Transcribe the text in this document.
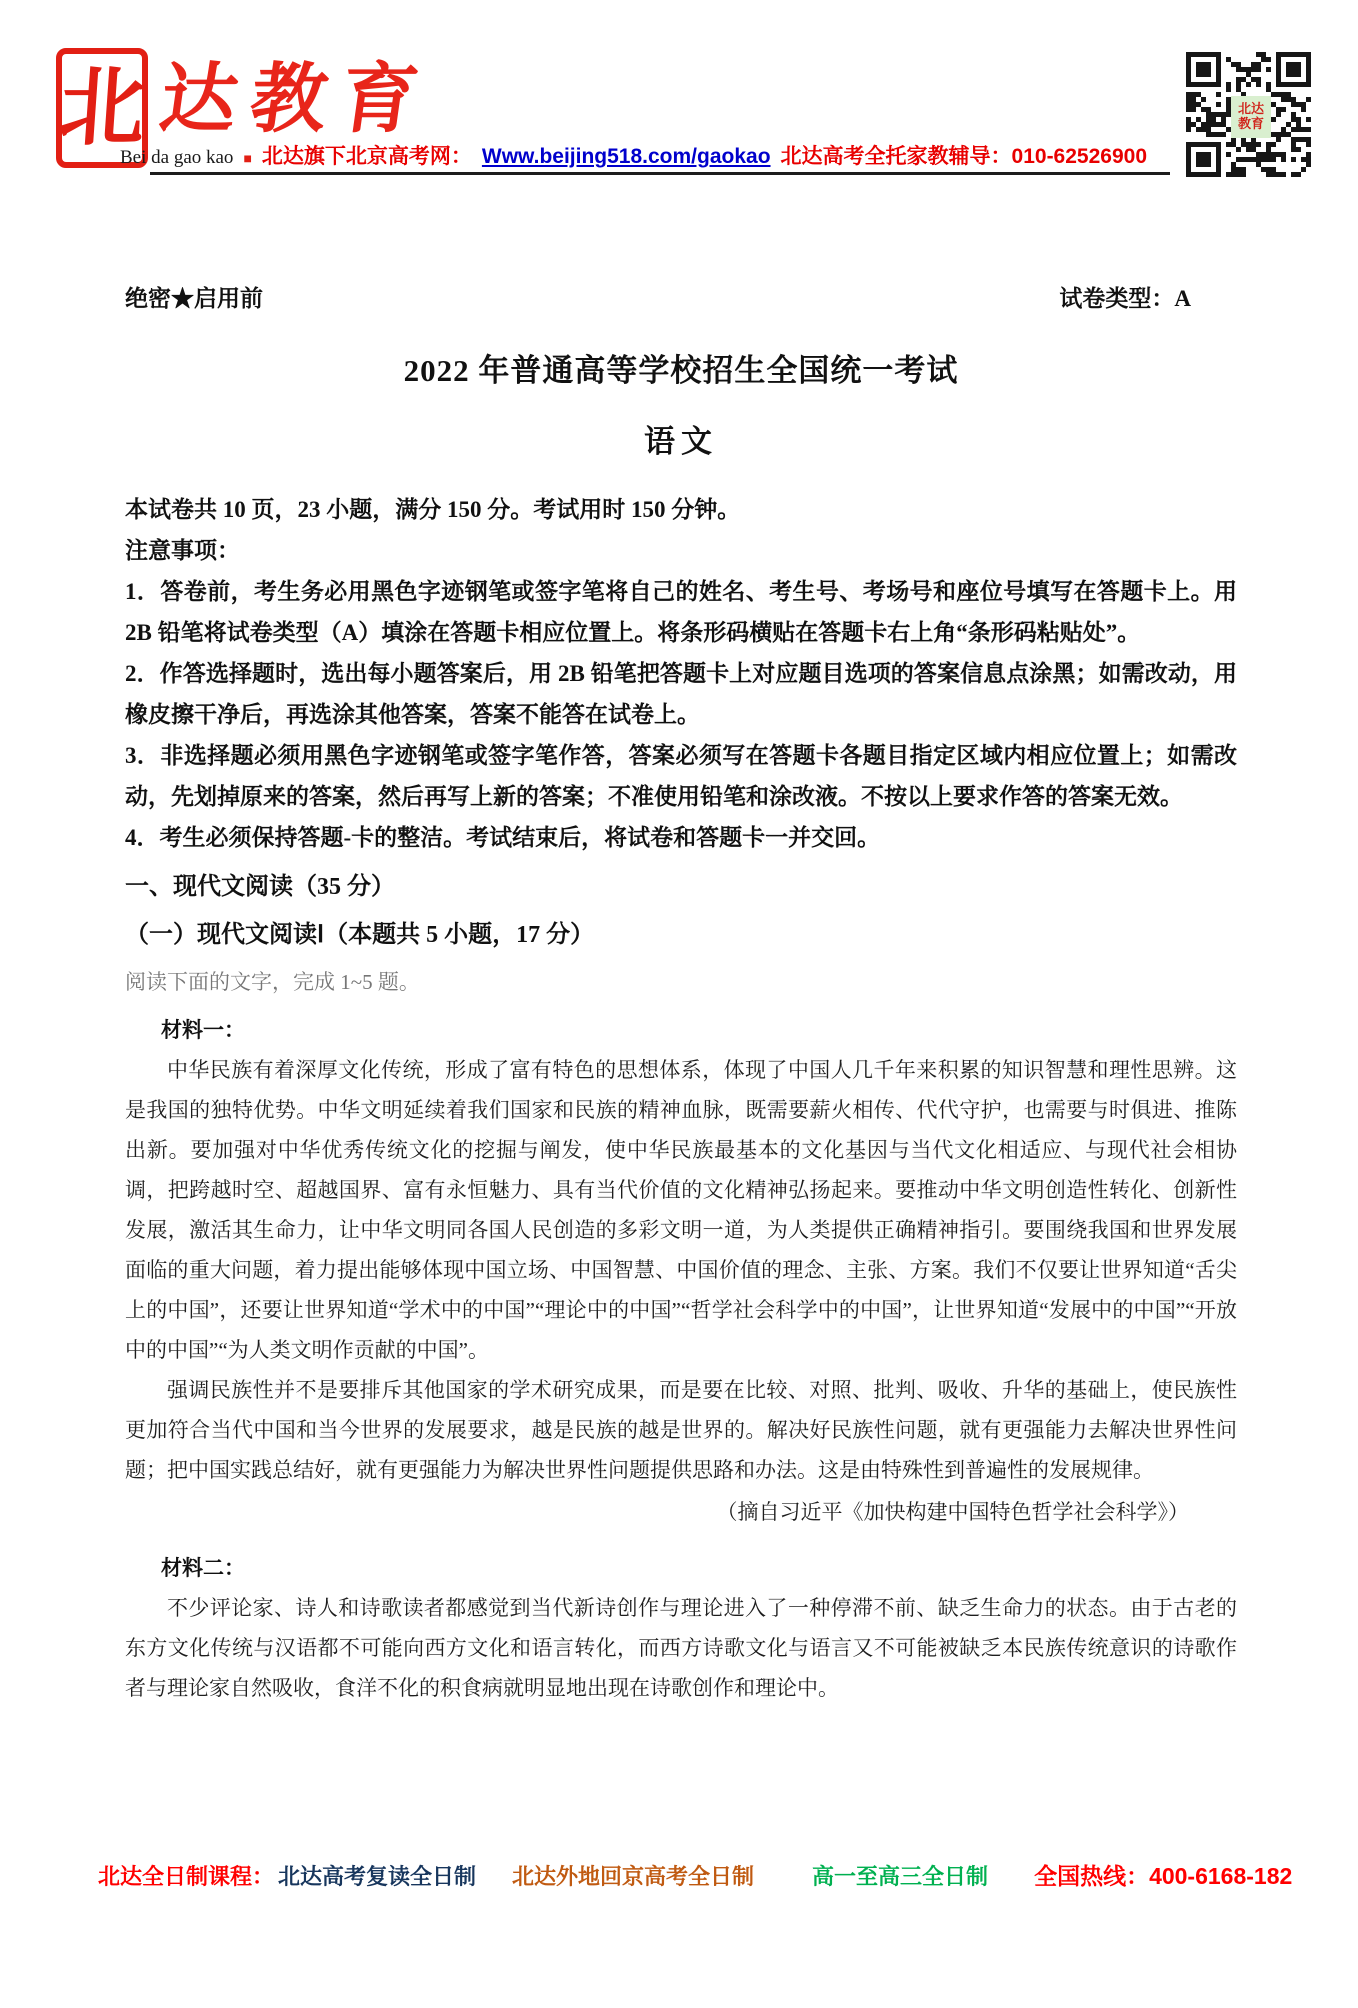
北 达教育
Bei da gao kao ■ 北达旗下北京高考网： Www.beijing518.com/gaokao 北达高考全托家教辅导：010-62526900
北达
教育
绝密★启用前	试卷类型：A
2022 年普通高等学校招生全国统一考试
语文

本试卷共 10 页，23 小题，满分 150 分。考试用时 150 分钟。

注意事项：

1．答卷前，考生务必用黑色字迹钢笔或签字笔将自己的姓名、考生号、考场号和座位号填写在答题卡上。用 2B 铅笔将试卷类型（A）填涂在答题卡相应位置上。将条形码横贴在答题卡右上角“条形码粘贴处”。

2．作答选择题时，选出每小题答案后，用 2B 铅笔把答题卡上对应题目选项的答案信息点涂黑；如需改动，用橡皮擦干净后，再选涂其他答案，答案不能答在试卷上。

3．非选择题必须用黑色字迹钢笔或签字笔作答，答案必须写在答题卡各题目指定区域内相应位置上；如需改动，先划掉原来的答案，然后再写上新的答案；不准使用铅笔和涂改液。不按以上要求作答的答案无效。

4．考生必须保持答题-卡的整洁。考试结束后，将试卷和答题卡一并交回。

一、现代文阅读（35 分）

（一）现代文阅读Ⅰ（本题共 5 小题，17 分）

阅读下面的文字，完成 1~5 题。

材料一：

中华民族有着深厚文化传统，形成了富有特色的思想体系，体现了中国人几千年来积累的知识智慧和理性思辨。这是我国的独特优势。中华文明延续着我们国家和民族的精神血脉，既需要薪火相传、代代守护，也需要与时俱进、推陈出新。要加强对中华优秀传统文化的挖掘与阐发，使中华民族最基本的文化基因与当代文化相适应、与现代社会相协调，把跨越时空、超越国界、富有永恒魅力、具有当代价值的文化精神弘扬起来。要推动中华文明创造性转化、创新性发展，激活其生命力，让中华文明同各国人民创造的多彩文明一道，为人类提供正确精神指引。要围绕我国和世界发展面临的重大问题，着力提出能够体现中国立场、中国智慧、中国价值的理念、主张、方案。我们不仅要让世界知道“舌尖上的中国”，还要让世界知道“学术中的中国”“理论中的中国”“哲学社会科学中的中国”，让世界知道“发展中的中国”“开放中的中国”“为人类文明作贡献的中国”。

强调民族性并不是要排斥其他国家的学术研究成果，而是要在比较、对照、批判、吸收、升华的基础上，使民族性更加符合当代中国和当今世界的发展要求，越是民族的越是世界的。解决好民族性问题，就有更强能力去解决世界性问题；把中国实践总结好，就有更强能力为解决世界性问题提供思路和办法。这是由特殊性到普遍性的发展规律。

（摘自习近平《加快构建中国特色哲学社会科学》）

材料二：

不少评论家、诗人和诗歌读者都感觉到当代新诗创作与理论进入了一种停滞不前、缺乏生命力的状态。由于古老的东方文化传统与汉语都不可能向西方文化和语言转化，而西方诗歌文化与语言又不可能被缺乏本民族传统意识的诗歌作者与理论家自然吸收，食洋不化的积食病就明显地出现在诗歌创作和理论中。

北达全日制课程： 北达高考复读全日制 北达外地回京高考全日制	高一至高三全日制 全国热线：400-6168-182
